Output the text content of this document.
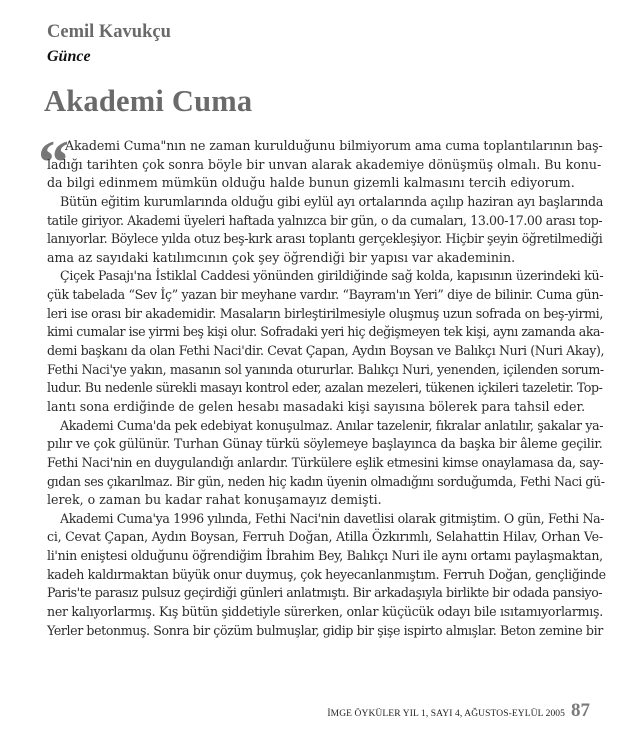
Cemil Kavukçu
Günce
Akademi Cuma
“ Akademi Cuma"nın ne zaman kurulduğunu bilmiyorum ama cuma toplantılarının baş-
ladığı tarihten çok sonra böyle bir unvan alarak akademiye dönüşmüş olmalı. Bu konu-
da bilgi edinmem mümkün olduğu halde bunun gizemli kalmasını tercih ediyorum.
Bütün eğitim kurumlarında olduğu gibi eylül ayı ortalarında açılıp haziran ayı başlarında
tatile giriyor. Akademi üyeleri haftada yalnızca bir gün, o da cumaları, 13.00-17.00 arası top-
lanıyorlar. Böylece yılda otuz beş-kırk arası toplantı gerçekleşiyor. Hiçbir şeyin öğretilmediği
ama az sayıdaki katılımcının çok şey öğrendiği bir yapısı var akademinin.
Çiçek Pasajı'na İstiklal Caddesi yönünden girildiğinde sağ kolda, kapısının üzerindeki kü-
çük tabelada “Sev İç” yazan bir meyhane vardır. “Bayram'ın Yeri” diye de bilinir. Cuma gün-
leri ise orası bir akademidir. Masaların birleştirilmesiyle oluşmuş uzun sofrada on beş-yirmi,
kimi cumalar ise yirmi beş kişi olur. Sofradaki yeri hiç değişmeyen tek kişi, aynı zamanda aka-
demi başkanı da olan Fethi Naci'dir. Cevat Çapan, Aydın Boysan ve Balıkçı Nuri (Nuri Akay),
Fethi Naci'ye yakın, masanın sol yanında otururlar. Balıkçı Nuri, yenenden, içilenden sorum-
ludur. Bu nedenle sürekli masayı kontrol eder, azalan mezeleri, tükenen içkileri tazeletir. Top-
lantı sona erdiğinde de gelen hesabı masadaki kişi sayısına bölerek para tahsil eder.
Akademi Cuma'da pek edebiyat konuşulmaz. Anılar tazelenir, fıkralar anlatılır, şakalar ya-
pılır ve çok gülünür. Turhan Günay türkü söylemeye başlayınca da başka bir âleme geçilir.
Fethi Naci'nin en duygulandığı anlardır. Türkülere eşlik etmesini kimse onaylamasa da, say-
gıdan ses çıkarılmaz. Bir gün, neden hiç kadın üyenin olmadığını sorduğumda, Fethi Naci gü-
lerek, o zaman bu kadar rahat konuşamayız demişti.
Akademi Cuma'ya 1996 yılında, Fethi Naci'nin davetlisi olarak gitmiştim. O gün, Fethi Na-
ci, Cevat Çapan, Aydın Boysan, Ferruh Doğan, Atilla Özkırımlı, Selahattin Hilav, Orhan Ve-
li'nin eniştesi olduğunu öğrendiğim İbrahim Bey, Balıkçı Nuri ile aynı ortamı paylaşmaktan,
kadeh kaldırmaktan büyük onur duymuş, çok heyecanlanmıştım. Ferruh Doğan, gençliğinde
Paris'te parasız pulsuz geçirdiği günleri anlatmıştı. Bir arkadaşıyla birlikte bir odada pansiyo-
ner kalıyorlarmış. Kış bütün şiddetiyle sürerken, onlar küçücük odayı bile ısıtamıyorlarmış.
Yerler betonmuş. Sonra bir çözüm bulmuşlar, gidip bir şişe ispirto almışlar. Beton zemine bir
İMGE ÖYKÜLER YIL 1, SAYI 4, AĞUSTOS-EYLÜL 2005 87
